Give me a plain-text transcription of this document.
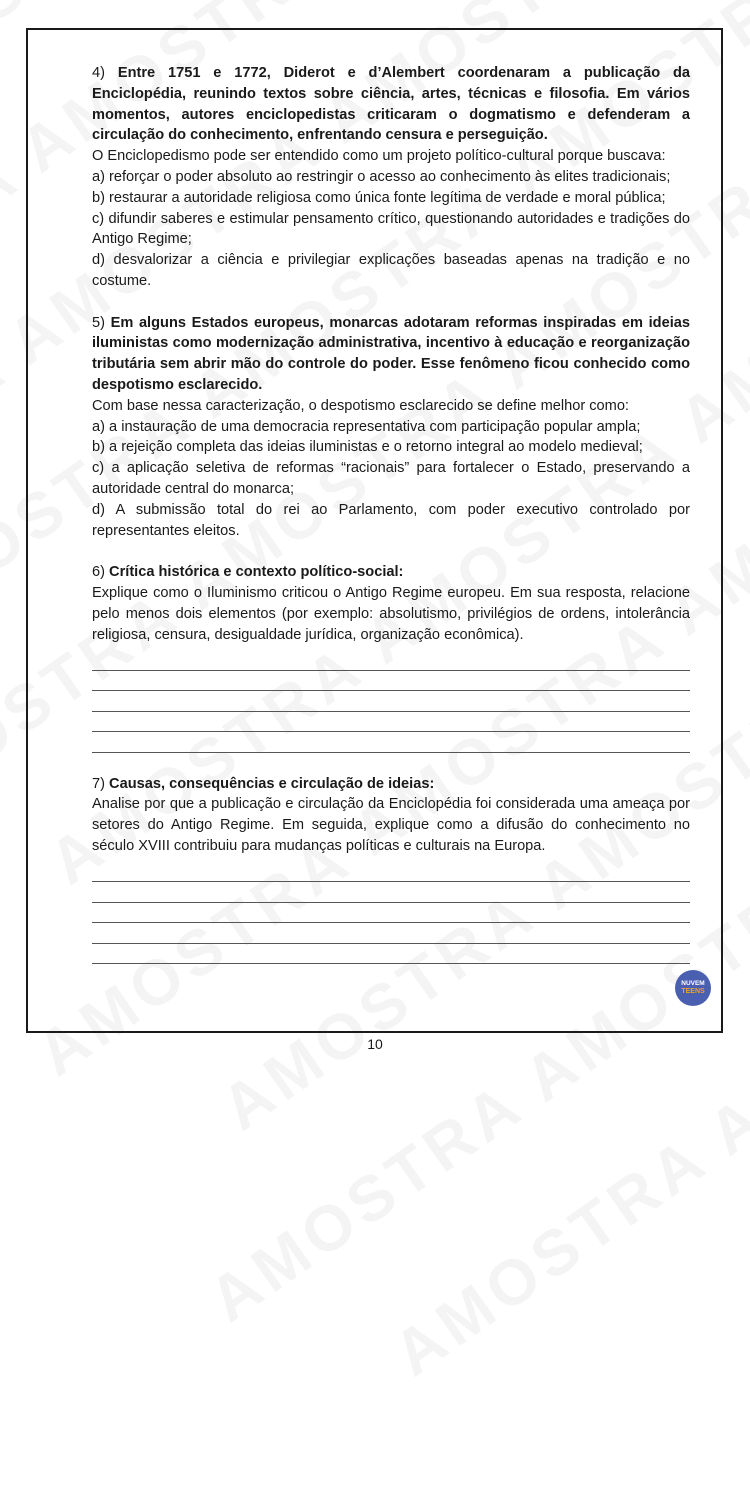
4) Entre 1751 e 1772, Diderot e d’Alembert coordenaram a publicação da Enciclopédia, reunindo textos sobre ciência, artes, técnicas e filosofia. Em vários momentos, autores enciclopedistas criticaram o dogmatismo e defenderam a circulação do conhecimento, enfrentando censura e perseguição.

O Enciclopedismo pode ser entendido como um projeto político-cultural porque buscava:

a) reforçar o poder absoluto ao restringir o acesso ao conhecimento às elites tradicionais;

b) restaurar a autoridade religiosa como única fonte legítima de verdade e moral pública;

c) difundir saberes e estimular pensamento crítico, questionando autoridades e tradições do Antigo Regime;

d) desvalorizar a ciência e privilegiar explicações baseadas apenas na tradição e no costume.

5) Em alguns Estados europeus, monarcas adotaram reformas inspiradas em ideias iluministas como modernização administrativa, incentivo à educação e reorganização tributária sem abrir mão do controle do poder. Esse fenômeno ficou conhecido como despotismo esclarecido.

Com base nessa caracterização, o despotismo esclarecido se define melhor como:

a) a instauração de uma democracia representativa com participação popular ampla;

b) a rejeição completa das ideias iluministas e o retorno integral ao modelo medieval;

c) a aplicação seletiva de reformas “racionais” para fortalecer o Estado, preservando a autoridade central do monarca;

d) A submissão total do rei ao Parlamento, com poder executivo controlado por representantes eleitos.

6) Crítica histórica e contexto político-social:

Explique como o Iluminismo criticou o Antigo Regime europeu. Em sua resposta, relacione pelo menos dois elementos (por exemplo: absolutismo, privilégios de ordens, intolerância religiosa, censura, desigualdade jurídica, organização econômica).

7) Causas, consequências e circulação de ideias:

Analise por que a publicação e circulação da Enciclopédia foi considerada uma ameaça por setores do Antigo Regime. Em seguida, explique como a difusão do conhecimento no século XVIII contribuiu para mudanças políticas e culturais na Europa.

NUVEM
TEENS
10
